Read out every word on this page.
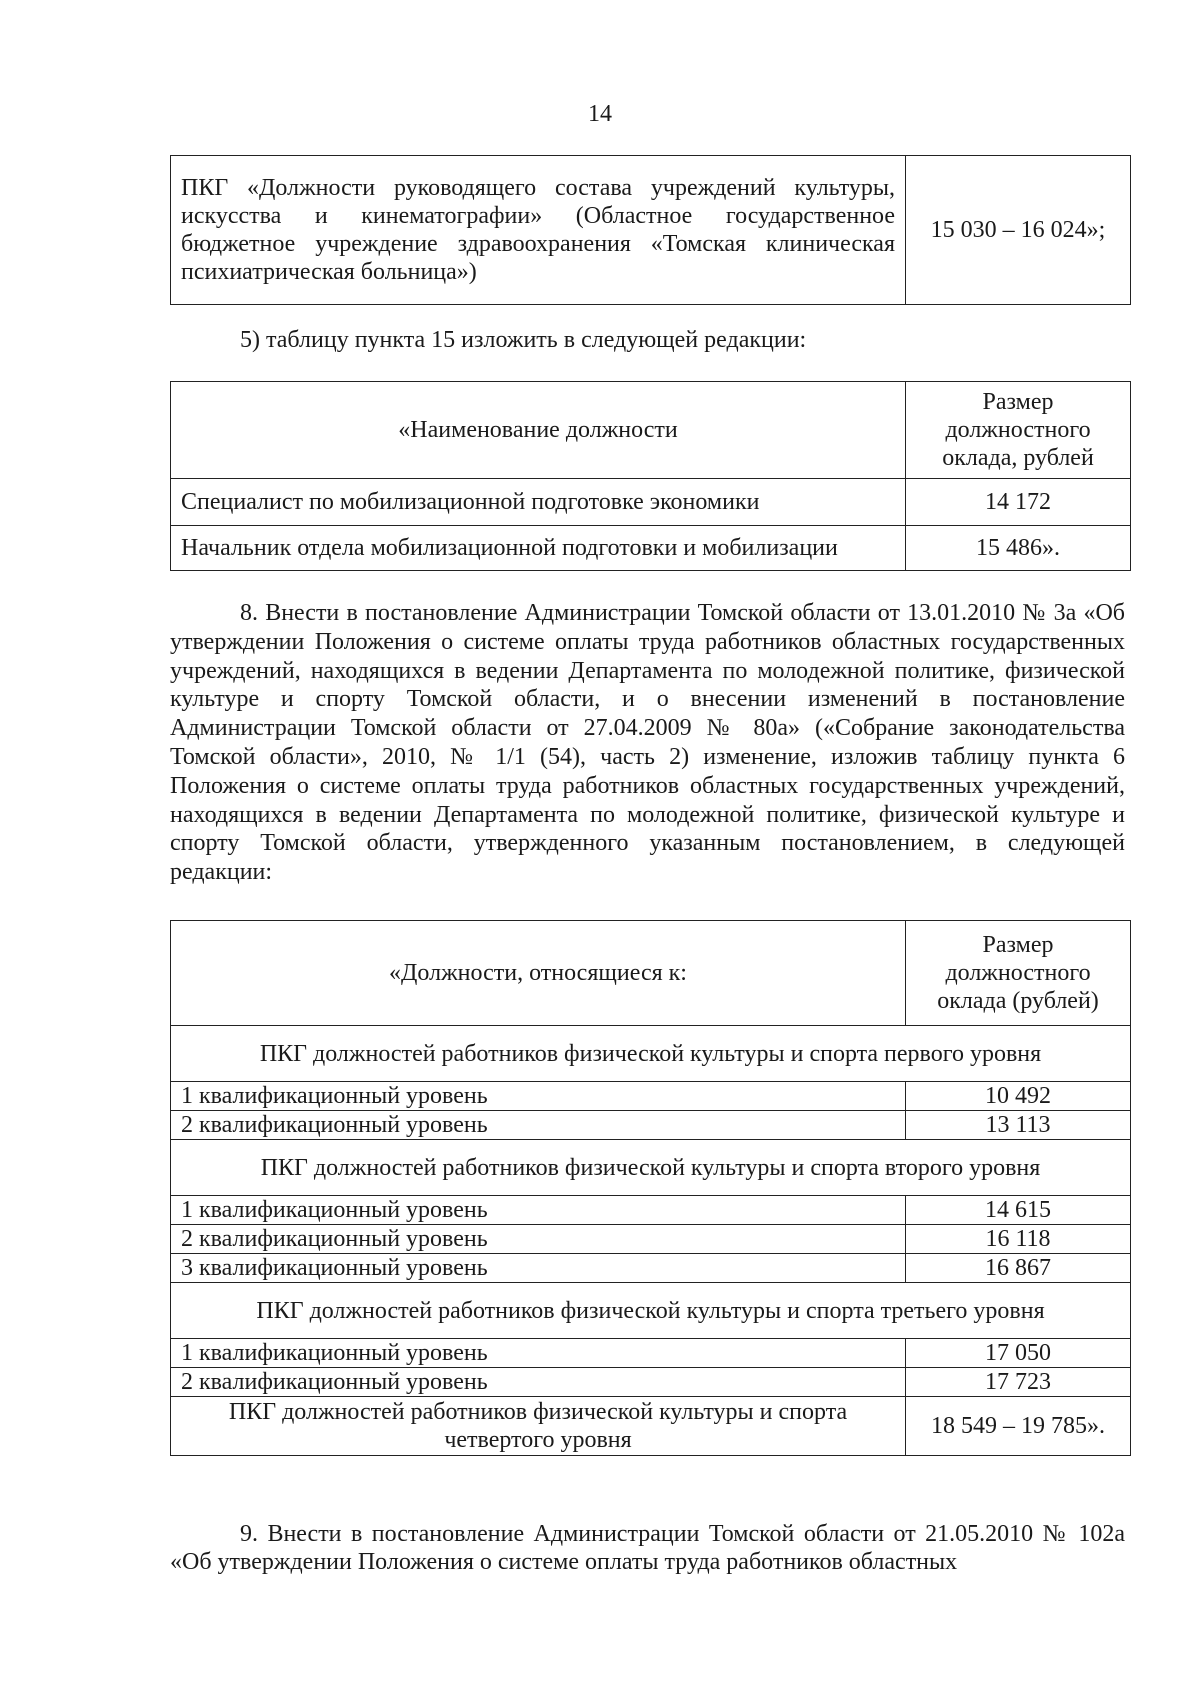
14
ПКГ «Должности руководящего состава учреждений культуры, искусства и кинематографии» (Областное государственное бюджетное учреждение здравоохранения «Томская клиническая психиатрическая больница»)	15 030 – 16 024»;

5) таблицу пункта 15 изложить в следующей редакции:

«Наименование должности	Размер должностного оклада, рублей
Специалист по мобилизационной подготовке экономики	14 172
Начальник отдела мобилизационной подготовки и мобилизации	15 486».

8. Внести в постановление Администрации Томской области от 13.01.2010 № 3а «Об утверждении Положения о системе оплаты труда работников областных государственных учреждений, находящихся в ведении Департамента по молодежной политике, физической культуре и спорту Томской области, и о внесении изменений в постановление Администрации Томской области от 27.04.2009 № 80а» («Собрание законодательства Томской области», 2010, № 1/1 (54), часть 2) изменение, изложив таблицу пункта 6 Положения о системе оплаты труда работников областных государственных учреждений, находящихся в ведении Департамента по молодежной политике, физической культуре и спорту Томской области, утвержденного указанным постановлением, в следующей редакции:

«Должности, относящиеся к:	Размер должностного оклада (рублей)
ПКГ должностей работников физической культуры и спорта первого уровня	
1 квалификационный уровень	10 492
2 квалификационный уровень	13 113
ПКГ должностей работников физической культуры и спорта второго уровня	
1 квалификационный уровень	14 615
2 квалификационный уровень	16 118
3 квалификационный уровень	16 867
ПКГ должностей работников физической культуры и спорта третьего уровня	
1 квалификационный уровень	17 050
2 квалификационный уровень	17 723
ПКГ должностей работников физической культуры и спорта четвертого уровня	18 549 – 19 785».

9. Внести в постановление Администрации Томской области от 21.05.2010 № 102а «Об утверждении Положения о системе оплаты труда работников областных
